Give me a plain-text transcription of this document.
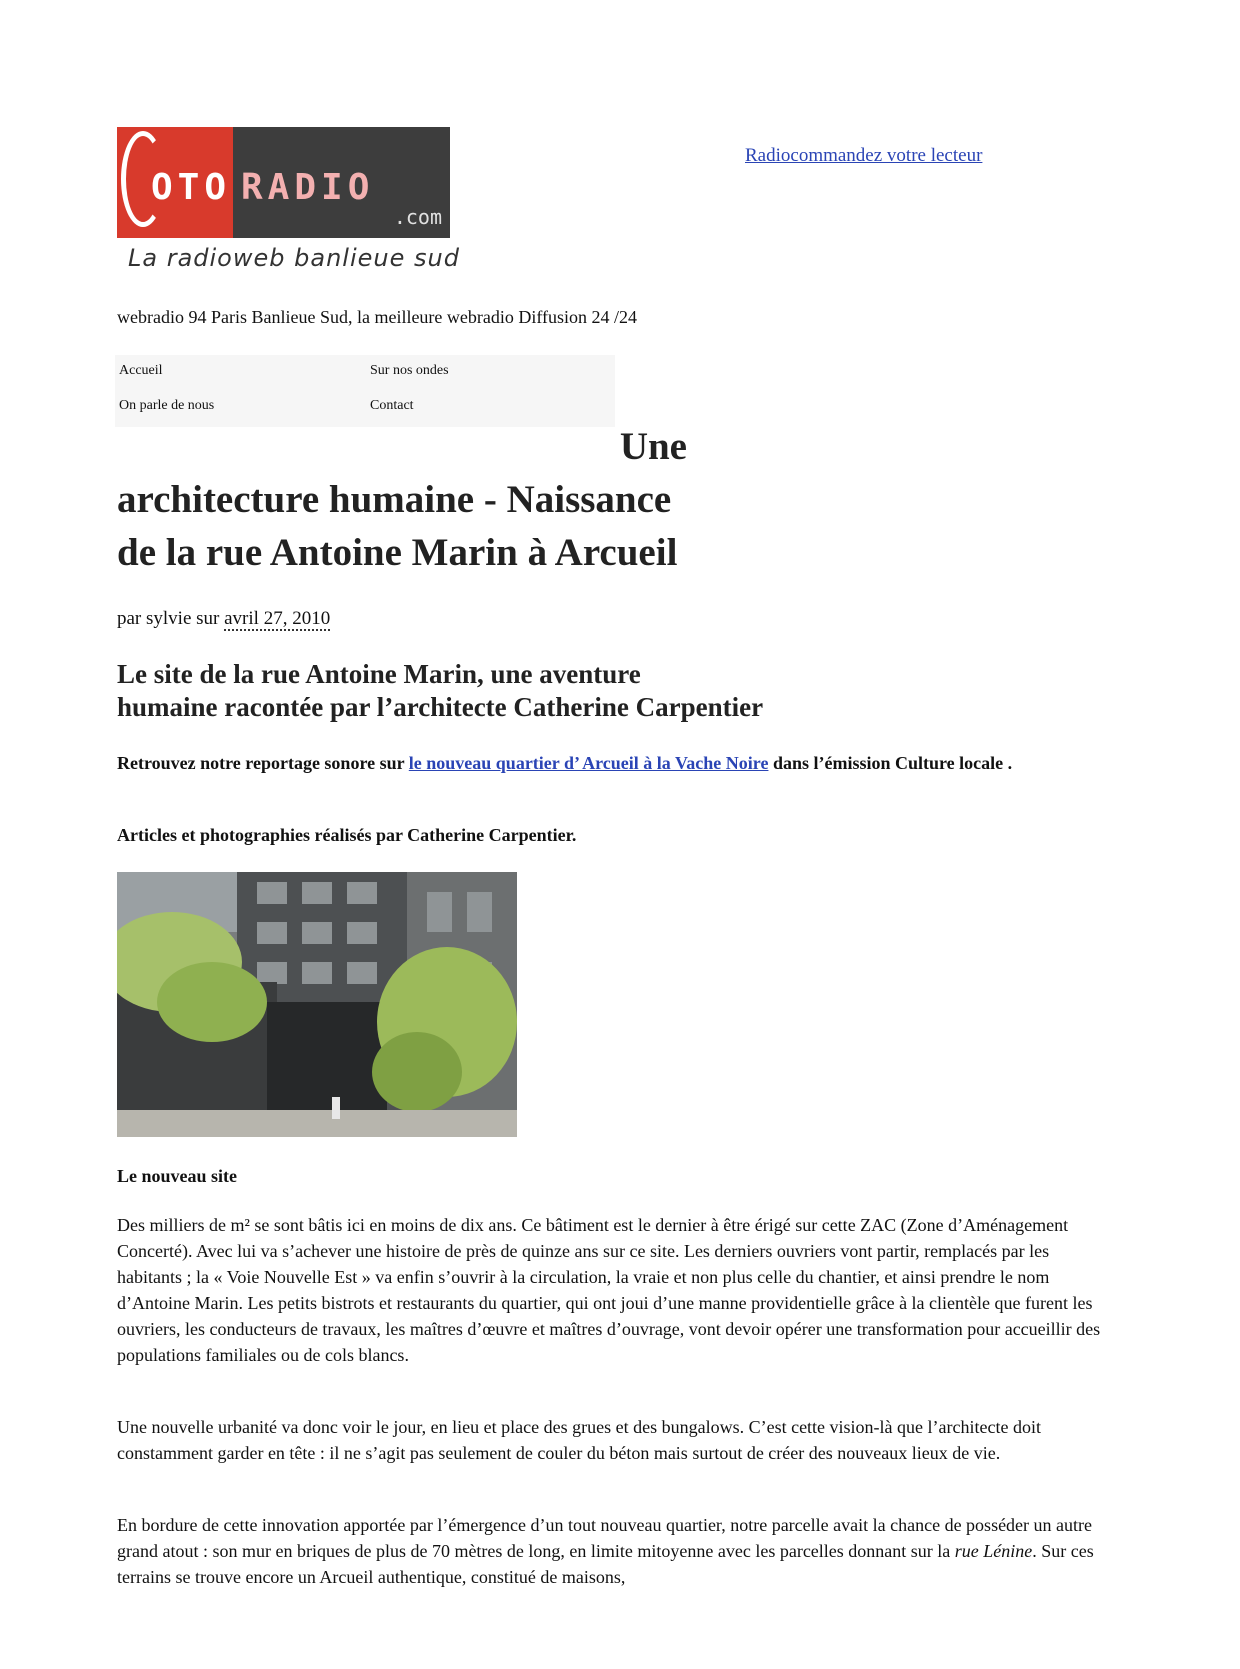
OTO RADIO
.com
La radioweb banlieue sud
Radiocommandez votre lecteur
webradio 94 Paris Banlieue Sud, la meilleure webradio Diffusion 24 /24
Accueil	Sur nos ondes
On parle de nous	Contact
Une
architecture humaine - Naissance
de la rue Antoine Marin à Arcueil
par sylvie sur avril 27, 2010
Le site de la rue Antoine Marin, une aventure
humaine racontée par l’architecte Catherine Carpentier
Retrouvez notre reportage sonore sur le nouveau quartier d’ Arcueil à la Vache Noire dans l’émission Culture locale .
Articles et photographies réalisés par Catherine Carpentier.
Le nouveau site

Des milliers de m² se sont bâtis ici en moins de dix ans. Ce bâtiment est le dernier à être érigé sur cette ZAC (Zone d’Aménagement Concerté). Avec lui va s’achever une histoire de près de quinze ans sur ce site. Les derniers ouvriers vont partir, remplacés par les habitants ; la « Voie Nouvelle Est » va enfin s’ouvrir à la circulation, la vraie et non plus celle du chantier, et ainsi prendre le nom d’Antoine Marin. Les petits bistrots et restaurants du quartier, qui ont joui d’une manne providentielle grâce à la clientèle que furent les ouvriers, les conducteurs de travaux, les maîtres d’œuvre et maîtres d’ouvrage, vont devoir opérer une transformation pour accueillir des populations familiales ou de cols blancs.

Une nouvelle urbanité va donc voir le jour, en lieu et place des grues et des bungalows. C’est cette vision-là que l’architecte doit constamment garder en tête : il ne s’agit pas seulement de couler du béton mais surtout de créer des nouveaux lieux de vie.

En bordure de cette innovation apportée par l’émergence d’un tout nouveau quartier, notre parcelle avait la chance de posséder un autre grand atout : son mur en briques de plus de 70 mètres de long, en limite mitoyenne avec les parcelles donnant sur la rue Lénine. Sur ces terrains se trouve encore un Arcueil authentique, constitué de maisons,
